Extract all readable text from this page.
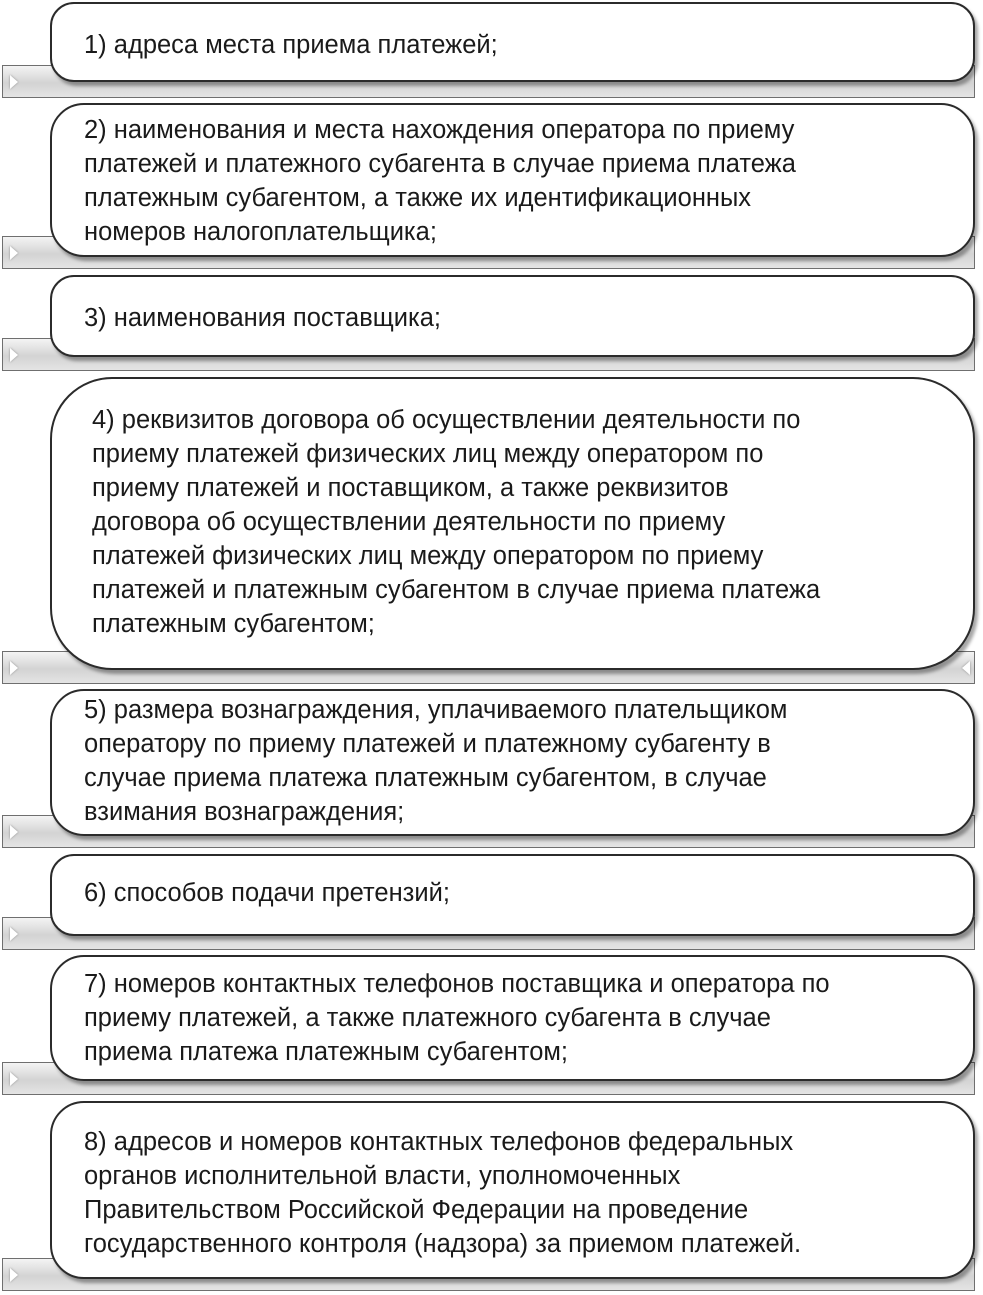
1) адреса места приема платежей;

2) наименования и места нахождения оператора по приему
платежей и платежного субагента в случае приема платежа
платежным субагентом, а также их идентификационных
номеров налогоплательщика;

3) наименования поставщика;

4) реквизитов договора об осуществлении деятельности по
приему платежей физических лиц между оператором по
приему платежей и поставщиком, а также реквизитов
договора об осуществлении деятельности по приему
платежей физических лиц между оператором по приему
платежей и платежным субагентом в случае приема платежа
платежным субагентом;

5) размера вознаграждения, уплачиваемого плательщиком
оператору по приему платежей и платежному субагенту в
случае приема платежа платежным субагентом, в случае
взимания вознаграждения;

6) способов подачи претензий;

7) номеров контактных телефонов поставщика и оператора по
приему платежей, а также платежного субагента в случае
приема платежа платежным субагентом;

8) адресов и номеров контактных телефонов федеральных
органов исполнительной власти, уполномоченных
Правительством Российской Федерации на проведение
государственного контроля (надзора) за приемом платежей.
